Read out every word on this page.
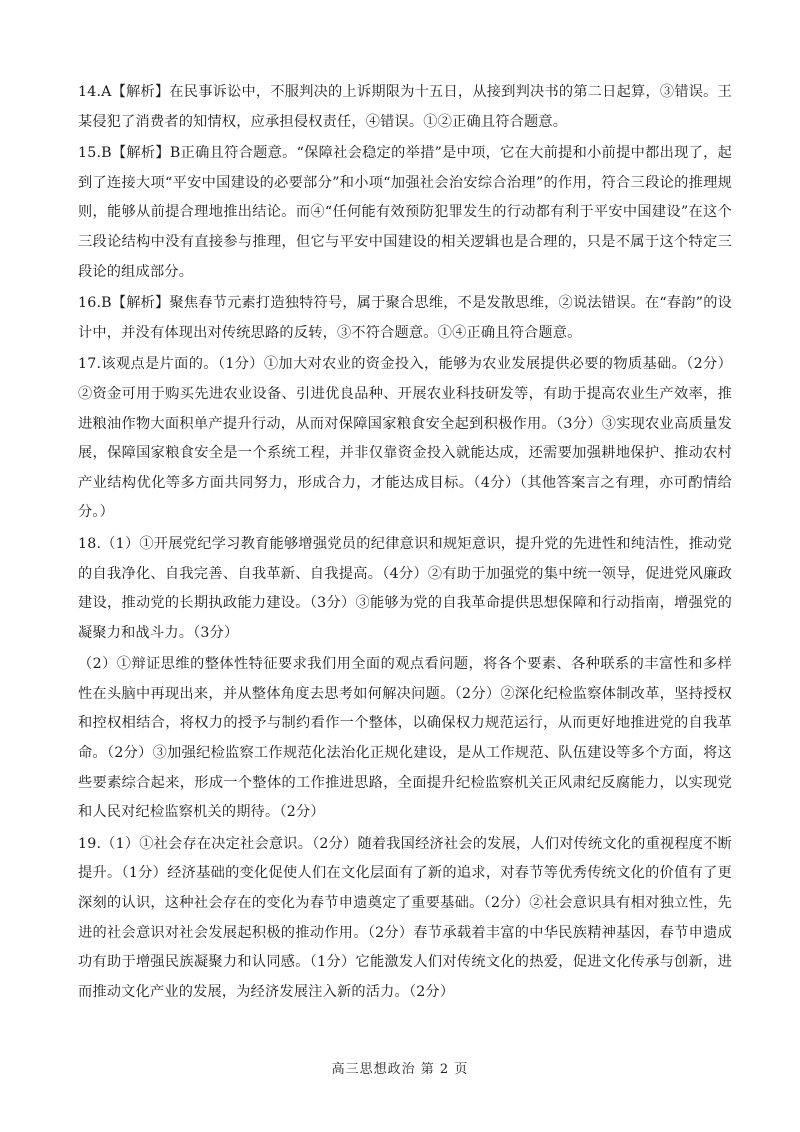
14.A【解析】在民事诉讼中，不服判决的上诉期限为十五日，从接到判决书的第二日起算，③错误。王某侵犯了消费者的知情权，应承担侵权责任，④错误。①②正确且符合题意。

15.B【解析】B正确且符合题意。“保障社会稳定的举措”是中项，它在大前提和小前提中都出现了，起到了连接大项“平安中国建设的必要部分”和小项“加强社会治安综合治理”的作用，符合三段论的推理规则，能够从前提合理地推出结论。而④“任何能有效预防犯罪发生的行动都有利于平安中国建设”在这个三段论结构中没有直接参与推理，但它与平安中国建设的相关逻辑也是合理的，只是不属于这个特定三段论的组成部分。

16.B【解析】聚焦春节元素打造独特符号，属于聚合思维，不是发散思维，②说法错误。在“春韵”的设计中，并没有体现出对传统思路的反转，③不符合题意。①④正确且符合题意。

17.该观点是片面的。（1分）①加大对农业的资金投入，能够为农业发展提供必要的物质基础。（2分）②资金可用于购买先进农业设备、引进优良品种、开展农业科技研发等，有助于提高农业生产效率，推进粮油作物大面积单产提升行动，从而对保障国家粮食安全起到积极作用。（3分）③实现农业高质量发展，保障国家粮食安全是一个系统工程，并非仅靠资金投入就能达成，还需要加强耕地保护、推动农村产业结构优化等多方面共同努力，形成合力，才能达成目标。（4分）（其他答案言之有理，亦可酌情给分。）

18.（1）①开展党纪学习教育能够增强党员的纪律意识和规矩意识，提升党的先进性和纯洁性，推动党的自我净化、自我完善、自我革新、自我提高。（4分）②有助于加强党的集中统一领导，促进党风廉政建设，推动党的长期执政能力建设。（3分）③能够为党的自我革命提供思想保障和行动指南，增强党的凝聚力和战斗力。（3分）

（2）①辩证思维的整体性特征要求我们用全面的观点看问题，将各个要素、各种联系的丰富性和多样性在头脑中再现出来，并从整体角度去思考如何解决问题。（2分）②深化纪检监察体制改革，坚持授权和控权相结合，将权力的授予与制约看作一个整体，以确保权力规范运行，从而更好地推进党的自我革命。（2分）③加强纪检监察工作规范化法治化正规化建设，是从工作规范、队伍建设等多个方面，将这些要素综合起来，形成一个整体的工作推进思路，全面提升纪检监察机关正风肃纪反腐能力，以实现党和人民对纪检监察机关的期待。（2分）

19.（1）①社会存在决定社会意识。（2分）随着我国经济社会的发展，人们对传统文化的重视程度不断提升。（1分）经济基础的变化促使人们在文化层面有了新的追求，对春节等优秀传统文化的价值有了更深刻的认识，这种社会存在的变化为春节申遗奠定了重要基础。（2分）②社会意识具有相对独立性，先进的社会意识对社会发展起积极的推动作用。（2分）春节承载着丰富的中华民族精神基因，春节申遗成功有助于增强民族凝聚力和认同感。（1分）它能激发人们对传统文化的热爱，促进文化传承与创新，进而推动文化产业的发展，为经济发展注入新的活力。（2分）

高三思想政治 第 2 页
